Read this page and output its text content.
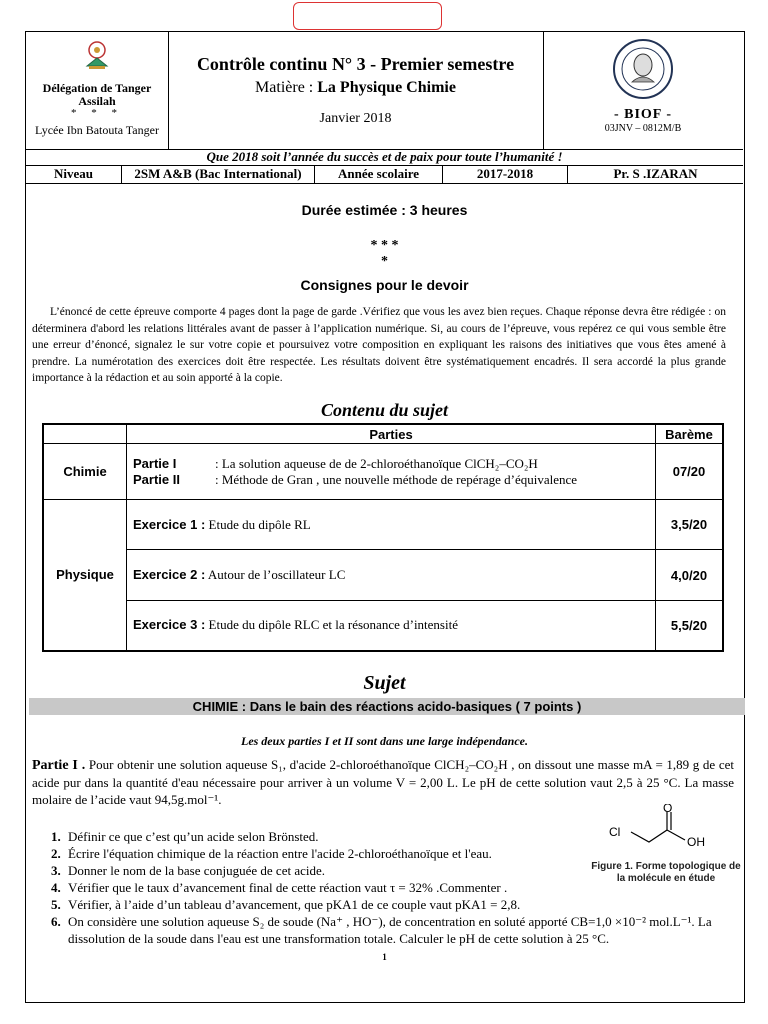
Délégation de Tanger Assilah
* * *
Lycée Ibn Batouta Tanger
Contrôle continu N° 3 - Premier semestre
Matière : La Physique Chimie
Janvier 2018	- BIOF -
03JNV – 0812M/B
Que 2018 soit l’année du succès et de paix pour toute l’humanité !
Niveau	2SM A&B (Bac International)	Année scolaire	2017-2018	Pr. S .IZARAN
Durée estimée : 3 heures
* * *
*
Consignes pour le devoir
L’énoncé de cette épreuve comporte 4 pages dont la page de garde .Vérifiez que vous les avez bien reçues. Chaque réponse devra être rédigée : on déterminera d'abord les relations littérales avant de passer à l’application numérique. Si, au cours de l’épreuve, vous repérez ce qui vous semble être une erreur d’énoncé, signalez le sur votre copie et poursuivez votre composition en expliquant les raisons des initiatives que vous êtes amené à prendre. La numérotation des exercices doit être respectée. Les résultats doivent être systématiquement encadrés. Il sera accordé la plus grande importance à la rédaction et au soin apporté à la copie.
Contenu du sujet
	Parties	Barème
Chimie	Partie I : La solution aqueuse de de 2-chloroéthanoïque ClCH₂–CO₂H
Partie II : Méthode de Gran , une nouvelle méthode de repérage d’équivalence	07/20
Physique	Exercice 1 : Etude du dipôle RL	3,5/20
	Exercice 2 : Autour de l’oscillateur LC	4,0/20
	Exercice 3 : Etude du dipôle RLC et la résonance d’intensité	5,5/20
Sujet
CHIMIE : Dans le bain des réactions acido-basiques ( 7 points )
Les deux parties I et II sont dans une large indépendance.
Partie I . Pour obtenir une solution aqueuse S₁, d'acide 2-chloroéthanoïque ClCH₂–CO₂H , on dissout une masse mA = 1,89 g de cet acide pur dans la quantité d'eau nécessaire pour arriver à un volume V = 2,00 L. Le pH de cette solution vaut 2,5 à 25 °C. La masse molaire de l’acide vaut 94,5g.mol⁻¹.
Cl
O
OH
Figure 1. Forme topologique de la molécule en étude
1. Définir ce que c’est qu’un acide selon Brönsted.
2. Écrire l'équation chimique de la réaction entre l'acide 2-chloroéthanoïque et l'eau.
3. Donner le nom de la base conjuguée de cet acide.
4. Vérifier que le taux d’avancement final de cette réaction vaut τ = 32% .Commenter .
5. Vérifier, à l’aide d’un tableau d’avancement, que pKA1 de ce couple vaut pKA1 = 2,8.
6. On considère une solution aqueuse S₂ de soude (Na⁺ , HO⁻), de concentration en soluté apporté CB=1,0 ×10⁻² mol.L⁻¹. La dissolution de la soude dans l'eau est une transformation totale. Calculer le pH de cette solution à 25 °C.
1
